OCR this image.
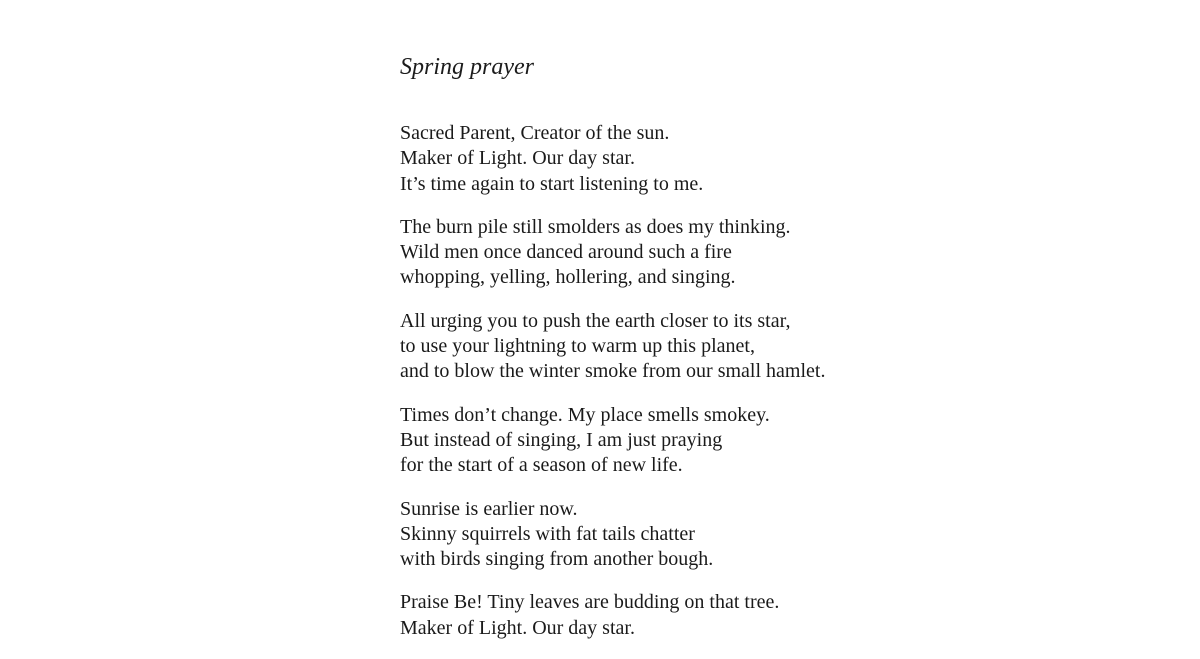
Spring prayer

Sacred Parent, Creator of the sun.
Maker of Light. Our day star.
It’s time again to start listening to me.

The burn pile still smolders as does my thinking.
Wild men once danced around such a fire
whopping, yelling, hollering, and singing.

All urging you to push the earth closer to its star,
to use your lightning to warm up this planet,
and to blow the winter smoke from our small hamlet.

Times don’t change. My place smells smokey.
But instead of singing, I am just praying
for the start of a season of new life.

Sunrise is earlier now.
Skinny squirrels with fat tails chatter
with birds singing from another bough.

Praise Be! Tiny leaves are budding on that tree.
Maker of Light. Our day star.
